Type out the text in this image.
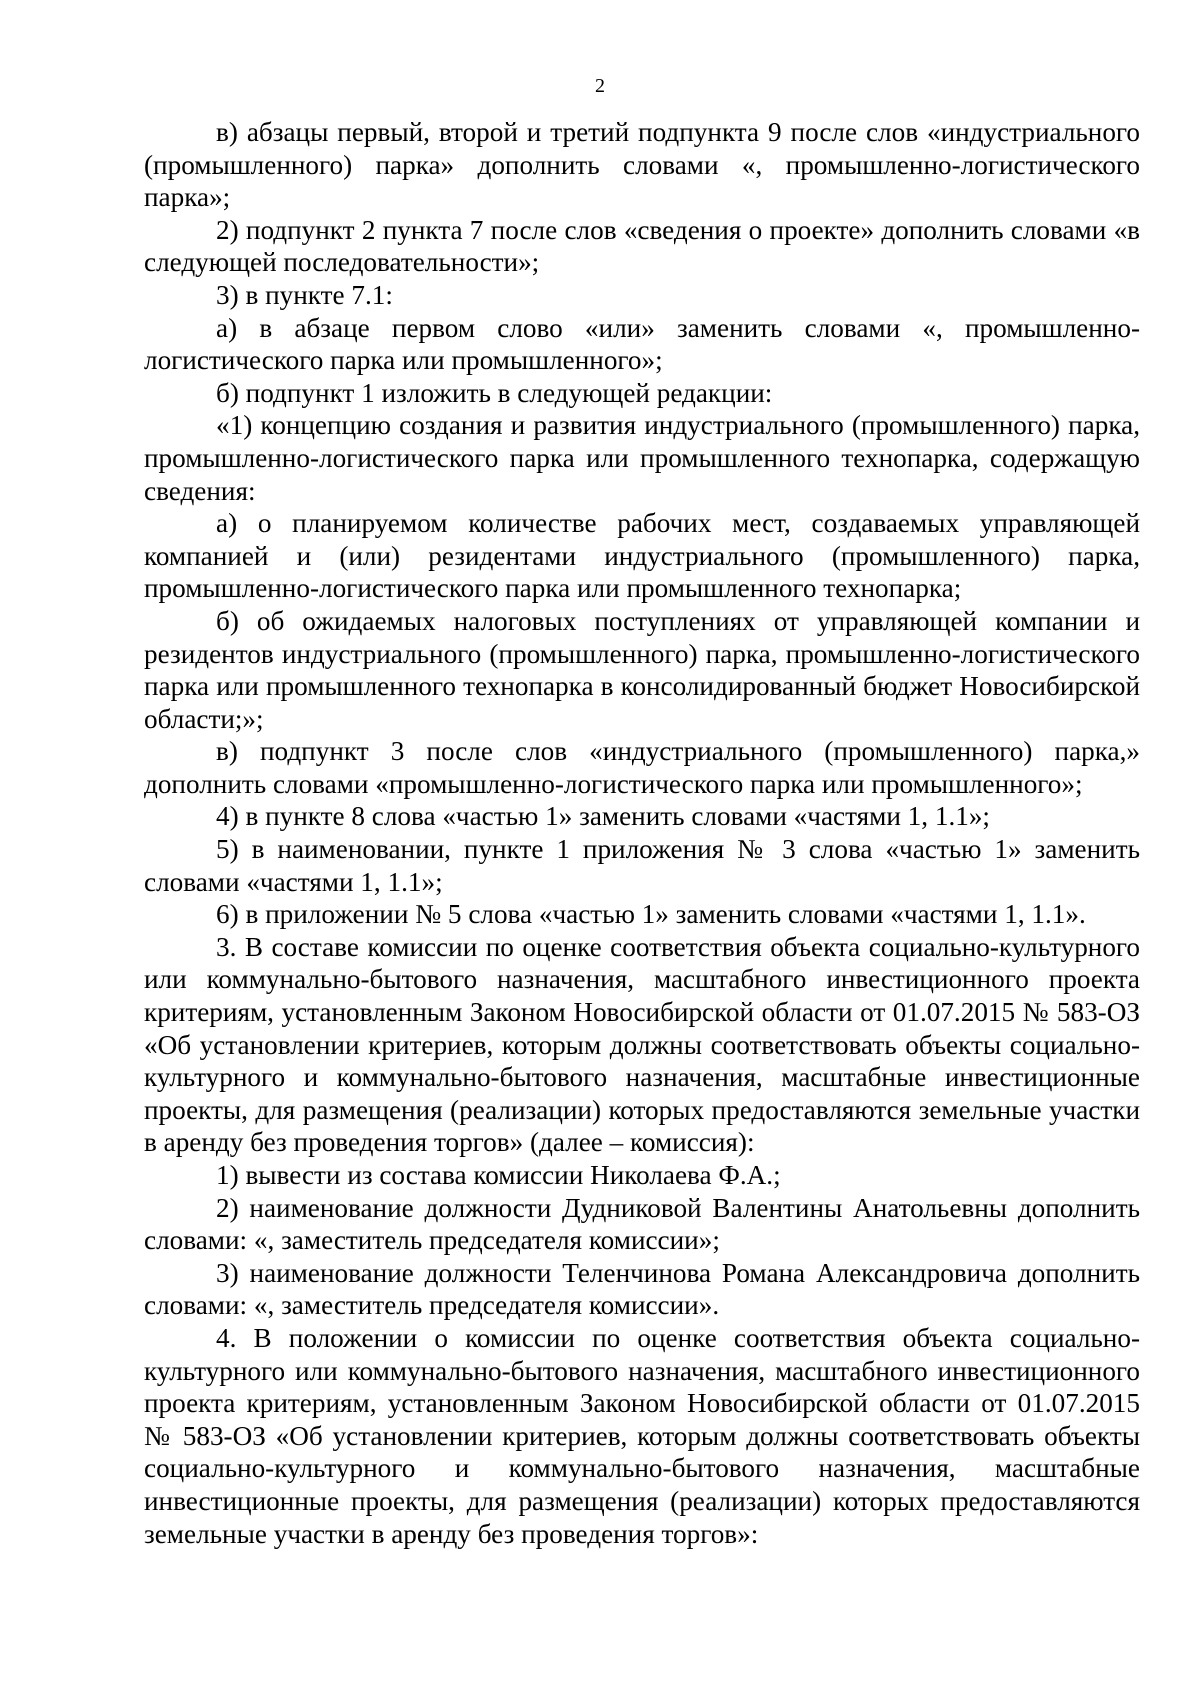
2

в) абзацы первый, второй и третий подпункта 9 после слов «индустриального (промышленного) парка» дополнить словами «, промышленно-логистического парка»;

2) подпункт 2 пункта 7 после слов «сведения о проекте» дополнить словами «в следующей последовательности»;

3) в пункте 7.1:

а) в абзаце первом слово «или» заменить словами «, промышленно-логистического парка или промышленного»;

б) подпункт 1 изложить в следующей редакции:

«1) концепцию создания и развития индустриального (промышленного) парка, промышленно-логистического парка или промышленного технопарка, содержащую сведения:

а) о планируемом количестве рабочих мест, создаваемых управляющей компанией и (или) резидентами индустриального (промышленного) парка, промышленно-логистического парка или промышленного технопарка;

б) об ожидаемых налоговых поступлениях от управляющей компании и резидентов индустриального (промышленного) парка, промышленно-логистического парка или промышленного технопарка в консолидированный бюджет Новосибирской области;»;

в) подпункт 3 после слов «индустриального (промышленного) парка,» дополнить словами «промышленно-логистического парка или промышленного»;

4) в пункте 8 слова «частью 1» заменить словами «частями 1, 1.1»;

5) в наименовании, пункте 1 приложения № 3 слова «частью 1» заменить словами «частями 1, 1.1»;

6) в приложении № 5 слова «частью 1» заменить словами «частями 1, 1.1».

3. В составе комиссии по оценке соответствия объекта социально-культурного или коммунально-бытового назначения, масштабного инвестиционного проекта критериям, установленным Законом Новосибирской области от 01.07.2015 № 583-ОЗ «Об установлении критериев, которым должны соответствовать объекты социально-культурного и коммунально-бытового назначения, масштабные инвестиционные проекты, для размещения (реализации) которых предоставляются земельные участки в аренду без проведения торгов» (далее – комиссия):

1) вывести из состава комиссии Николаева Ф.А.;

2) наименование должности Дудниковой Валентины Анатольевны дополнить словами: «, заместитель председателя комиссии»;

3) наименование должности Теленчинова Романа Александровича дополнить словами: «, заместитель председателя комиссии».

4. В положении о комиссии по оценке соответствия объекта социально-культурного или коммунально-бытового назначения, масштабного инвестиционного проекта критериям, установленным Законом Новосибирской области от 01.07.2015 № 583-ОЗ «Об установлении критериев, которым должны соответствовать объекты социально-культурного и коммунально-бытового назначения, масштабные инвестиционные проекты, для размещения (реализации) которых предоставляются земельные участки в аренду без проведения торгов»:
